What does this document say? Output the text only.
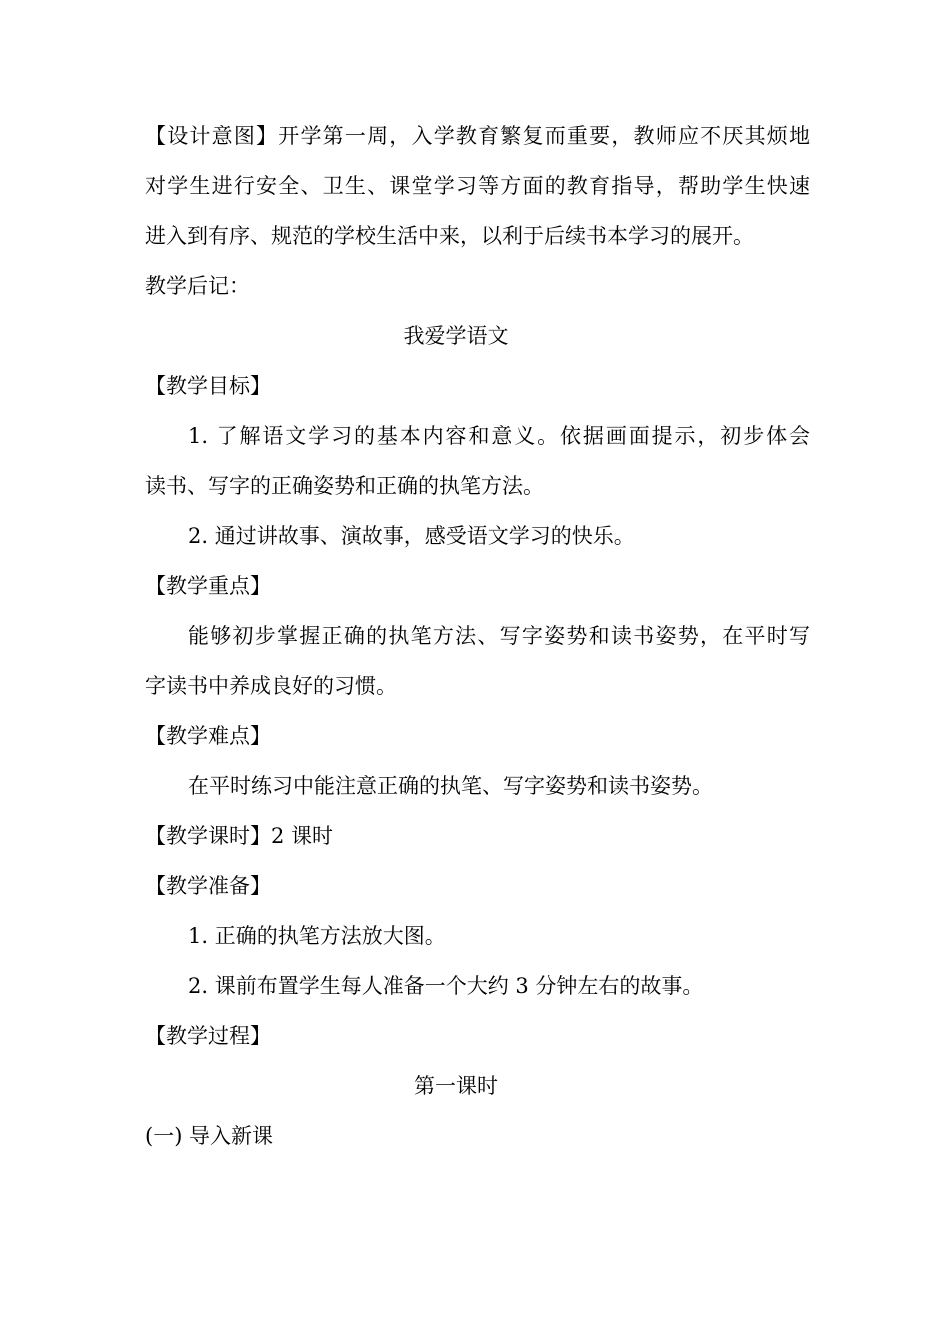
【设计意图】开学第一周，入学教育繁复而重要，教师应不厌其烦地
对学生进行安全、卫生、课堂学习等方面的教育指导，帮助学生快速
进入到有序、规范的学校生活中来，以利于后续书本学习的展开。
教学后记：
我爱学语文
【教学目标】
1. 了解语文学习的基本内容和意义。依据画面提示，初步体会
读书、写字的正确姿势和正确的执笔方法。
2. 通过讲故事、演故事，感受语文学习的快乐。
【教学重点】
能够初步掌握正确的执笔方法、写字姿势和读书姿势，在平时写
字读书中养成良好的习惯。
【教学难点】
在平时练习中能注意正确的执笔、写字姿势和读书姿势。
【教学课时】2 课时
【教学准备】
1. 正确的执笔方法放大图。
2. 课前布置学生每人准备一个大约 3 分钟左右的故事。
【教学过程】
第一课时
(一) 导入新课
